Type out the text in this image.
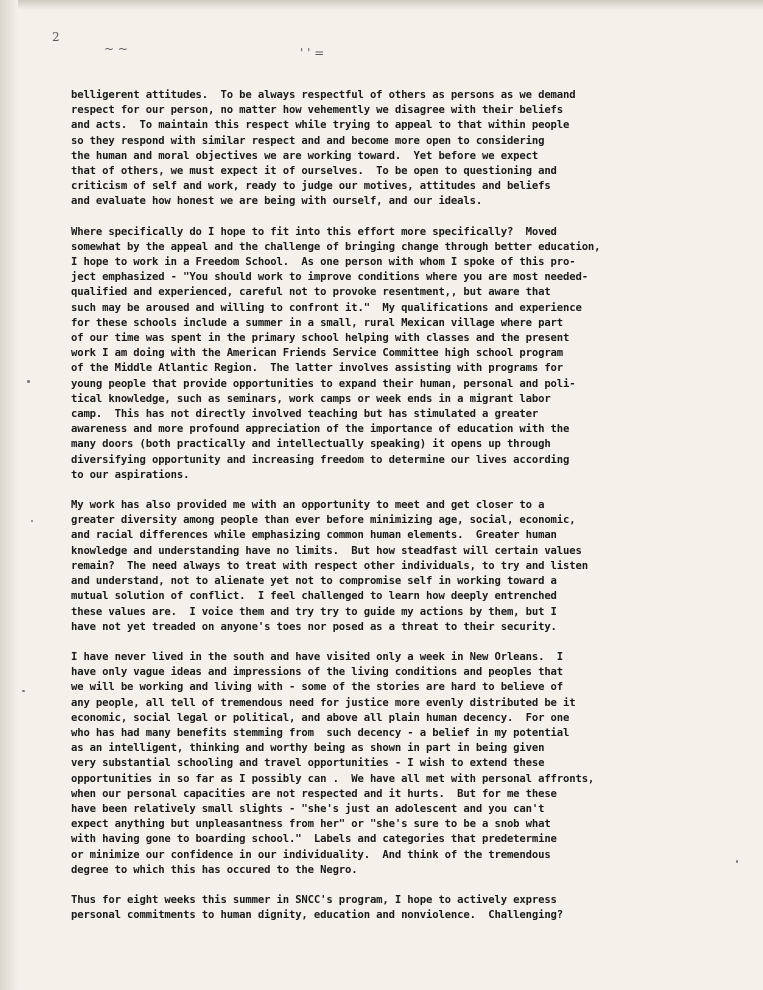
2
~ ~	' ' =

belligerent attitudes.  To be always respectful of others as persons as we demand
respect for our person, no matter how vehemently we disagree with their beliefs
and acts.  To maintain this respect while trying to appeal to that within people
so they respond with similar respect and and become more open to considering
the human and moral objectives we are working toward.  Yet before we expect
that of others, we must expect it of ourselves.  To be open to questioning and
criticism of self and work, ready to judge our motives, attitudes and beliefs
and evaluate how honest we are being with ourself, and our ideals.

Where specifically do I hope to fit into this effort more specifically?  Moved
somewhat by the appeal and the challenge of bringing change through better education,
I hope to work in a Freedom School.  As one person with whom I spoke of this pro-
ject emphasized - "You should work to improve conditions where you are most needed-
qualified and experienced, careful not to provoke resentment,, but aware that
such may be aroused and willing to confront it."  My qualifications and experience
for these schools include a summer in a small, rural Mexican village where part
of our time was spent in the primary school helping with classes and the present
work I am doing with the American Friends Service Committee high school program
of the Middle Atlantic Region.  The latter involves assisting with programs for
young people that provide opportunities to expand their human, personal and poli-
tical knowledge, such as seminars, work camps or week ends in a migrant labor
camp.  This has not directly involved teaching but has stimulated a greater
awareness and more profound appreciation of the importance of education with the
many doors (both practically and intellectually speaking) it opens up through
diversifying opportunity and increasing freedom to determine our lives according
to our aspirations.

My work has also provided me with an opportunity to meet and get closer to a
greater diversity among people than ever before minimizing age, social, economic,
and racial differences while emphasizing common human elements.  Greater human
knowledge and understanding have no limits.  But how steadfast will certain values
remain?  The need always to treat with respect other individuals, to try and listen
and understand, not to alienate yet not to compromise self in working toward a
mutual solution of conflict.  I feel challenged to learn how deeply entrenched
these values are.  I voice them and try try to guide my actions by them, but I
have not yet treaded on anyone's toes nor posed as a threat to their security.

I have never lived in the south and have visited only a week in New Orleans.  I
have only vague ideas and impressions of the living conditions and peoples that
we will be working and living with - some of the stories are hard to believe of
any people, all tell of tremendous need for justice more evenly distributed be it
economic, social legal or political, and above all plain human decency.  For one
who has had many benefits stemming from  such decency - a belief in my potential
as an intelligent, thinking and worthy being as shown in part in being given
very substantial schooling and travel opportunities - I wish to extend these
opportunities in so far as I possibly can .  We have all met with personal affronts,
when our personal capacities are not respected and it hurts.  But for me these
have been relatively small slights - "she's just an adolescent and you can't
expect anything but unpleasantness from her" or "she's sure to be a snob what
with having gone to boarding school."  Labels and categories that predetermine
or minimize our confidence in our individuality.  And think of the tremendous
degree to which this has occured to the Negro.

Thus for eight weeks this summer in SNCC's program, I hope to actively express
personal commitments to human dignity, education and nonviolence.  Challenging?
